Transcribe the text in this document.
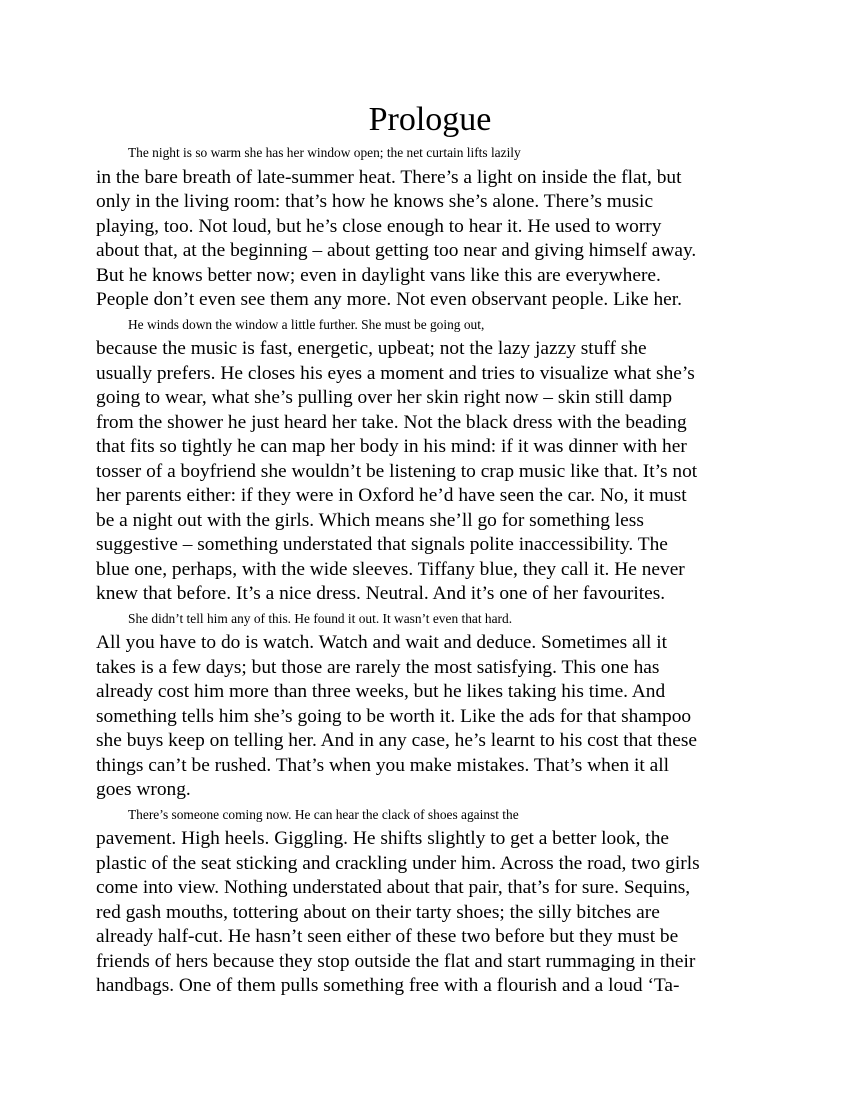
Prologue

The night is so warm she has her window open; the net curtain lifts lazily
in the bare breath of late-summer heat. There’s a light on inside the flat, but
only in the living room: that’s how he knows she’s alone. There’s music
playing, too. Not loud, but he’s close enough to hear it. He used to worry
about that, at the beginning – about getting too near and giving himself away.
But he knows better now; even in daylight vans like this are everywhere.
People don’t even see them any more. Not even observant people. Like her.

He winds down the window a little further. She must be going out,
because the music is fast, energetic, upbeat; not the lazy jazzy stuff she
usually prefers. He closes his eyes a moment and tries to visualize what she’s
going to wear, what she’s pulling over her skin right now – skin still damp
from the shower he just heard her take. Not the black dress with the beading
that fits so tightly he can map her body in his mind: if it was dinner with her
tosser of a boyfriend she wouldn’t be listening to crap music like that. It’s not
her parents either: if they were in Oxford he’d have seen the car. No, it must
be a night out with the girls. Which means she’ll go for something less
suggestive – something understated that signals polite inaccessibility. The
blue one, perhaps, with the wide sleeves. Tiffany blue, they call it. He never
knew that before. It’s a nice dress. Neutral. And it’s one of her favourites.

She didn’t tell him any of this. He found it out. It wasn’t even that hard.
All you have to do is watch. Watch and wait and deduce. Sometimes all it
takes is a few days; but those are rarely the most satisfying. This one has
already cost him more than three weeks, but he likes taking his time. And
something tells him she’s going to be worth it. Like the ads for that shampoo
she buys keep on telling her. And in any case, he’s learnt to his cost that these
things can’t be rushed. That’s when you make mistakes. That’s when it all
goes wrong.

There’s someone coming now. He can hear the clack of shoes against the
pavement. High heels. Giggling. He shifts slightly to get a better look, the
plastic of the seat sticking and crackling under him. Across the road, two girls
come into view. Nothing understated about that pair, that’s for sure. Sequins,
red gash mouths, tottering about on their tarty shoes; the silly bitches are
already half-cut. He hasn’t seen either of these two before but they must be
friends of hers because they stop outside the flat and start rummaging in their
handbags. One of them pulls something free with a flourish and a loud ‘Ta-
